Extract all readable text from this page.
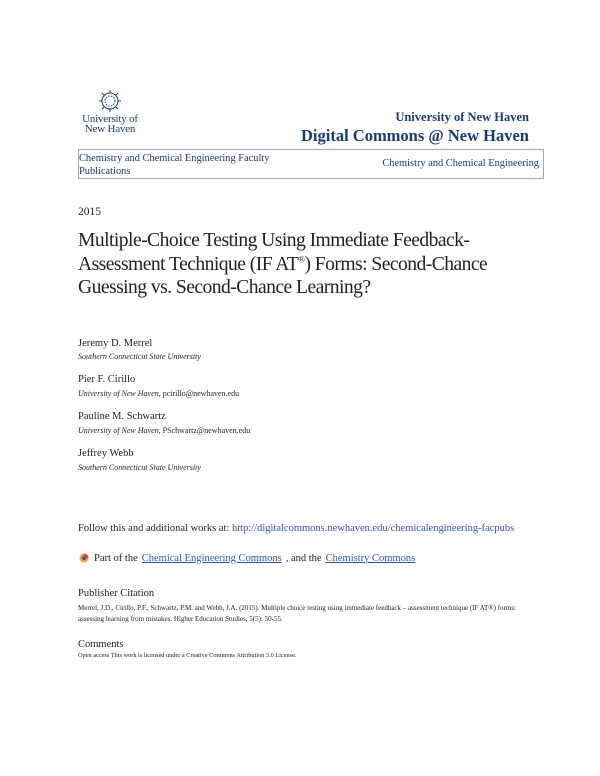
University of
New Haven
University of New Haven
Digital Commons @ New Haven
Chemistry and Chemical Engineering Faculty Publications
Chemistry and Chemical Engineering
2015
Multiple-Choice Testing Using Immediate Feedback-Assessment Technique (IF AT®) Forms: Second-Chance Guessing vs. Second-Chance Learning?
Jeremy D. Merrel
Southern Connecticut State University
Pier F. Cirillo
University of New Haven, pcirillo@newhaven.edu
Pauline M. Schwartz
University of New Haven, PSchwartz@newhaven.edu
Jeffrey Webb
Southern Connecticut State University
Follow this and additional works at: http://digitalcommons.newhaven.edu/chemicalengineering-facpubs
Part of the Chemical Engineering Commons , and the Chemistry Commons
Publisher Citation
Merrel, J.D., Cirillo, P.F., Schwartz, P.M. and Webb, J.A. (2015). Multiple choice testing using immediate feedback – assessment technique (IF AT®) forms: assessing learning from mistakes. Higher Education Studies, 5(5): 50-55.
Comments
Open access This work is licensed under a Creative Commons Attribution 3.0 License.
